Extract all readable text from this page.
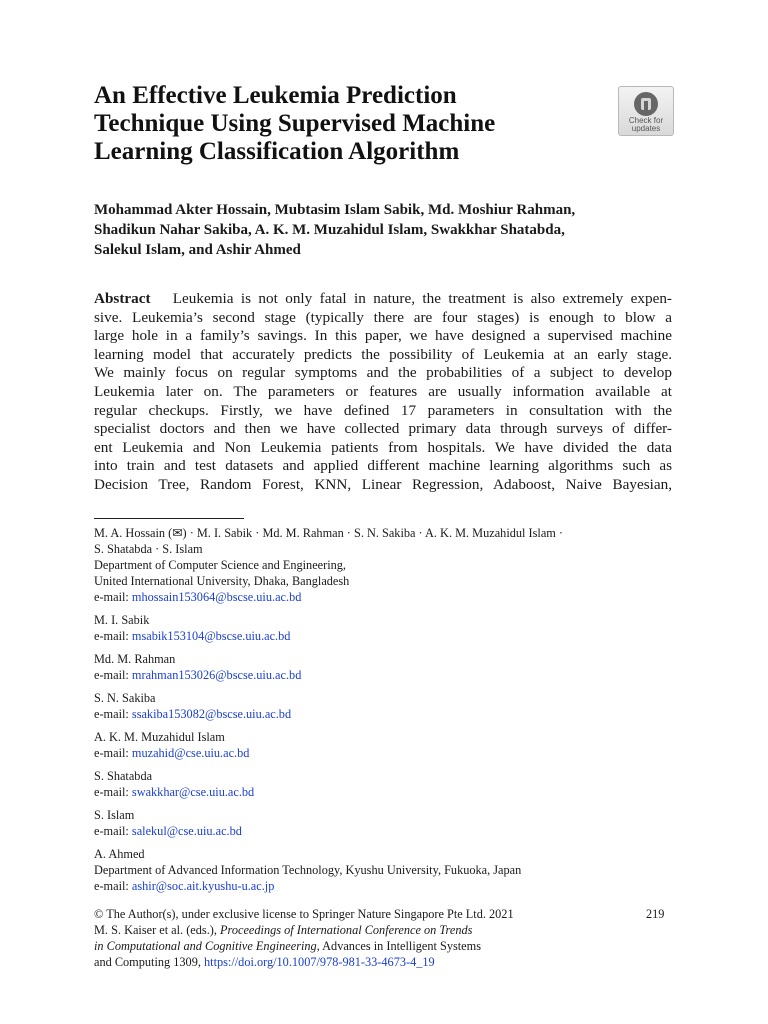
An Effective Leukemia Prediction
Technique Using Supervised Machine
Learning Classification Algorithm
Check for
updates
Mohammad Akter Hossain, Mubtasim Islam Sabik, Md. Moshiur Rahman,
Shadikun Nahar Sakiba, A. K. M. Muzahidul Islam, Swakkhar Shatabda,
Salekul Islam, and Ashir Ahmed
Abstract Leukemia is not only fatal in nature, the treatment is also extremely expen-
sive. Leukemia’s second stage (typically there are four stages) is enough to blow a
large hole in a family’s savings. In this paper, we have designed a supervised machine
learning model that accurately predicts the possibility of Leukemia at an early stage.
We mainly focus on regular symptoms and the probabilities of a subject to develop
Leukemia later on. The parameters or features are usually information available at
regular checkups. Firstly, we have defined 17 parameters in consultation with the
specialist doctors and then we have collected primary data through surveys of differ-
ent Leukemia and Non Leukemia patients from hospitals. We have divided the data
into train and test datasets and applied different machine learning algorithms such as
Decision Tree, Random Forest, KNN, Linear Regression, Adaboost, Naive Bayesian,
M. A. Hossain (✉) · M. I. Sabik · Md. M. Rahman · S. N. Sakiba · A. K. M. Muzahidul Islam ·
S. Shatabda · S. Islam
Department of Computer Science and Engineering,
United International University, Dhaka, Bangladesh
e-mail: mhossain153064@bscse.uiu.ac.bd
M. I. Sabik
e-mail: msabik153104@bscse.uiu.ac.bd
Md. M. Rahman
e-mail: mrahman153026@bscse.uiu.ac.bd
S. N. Sakiba
e-mail: ssakiba153082@bscse.uiu.ac.bd
A. K. M. Muzahidul Islam
e-mail: muzahid@cse.uiu.ac.bd
S. Shatabda
e-mail: swakkhar@cse.uiu.ac.bd
S. Islam
e-mail: salekul@cse.uiu.ac.bd
A. Ahmed
Department of Advanced Information Technology, Kyushu University, Fukuoka, Japan
e-mail: ashir@soc.ait.kyushu-u.ac.jp
© The Author(s), under exclusive license to Springer Nature Singapore Pte Ltd. 2021
M. S. Kaiser et al. (eds.), Proceedings of International Conference on Trends
in Computational and Cognitive Engineering, Advances in Intelligent Systems
and Computing 1309, https://doi.org/10.1007/978-981-33-4673-4_19
219
